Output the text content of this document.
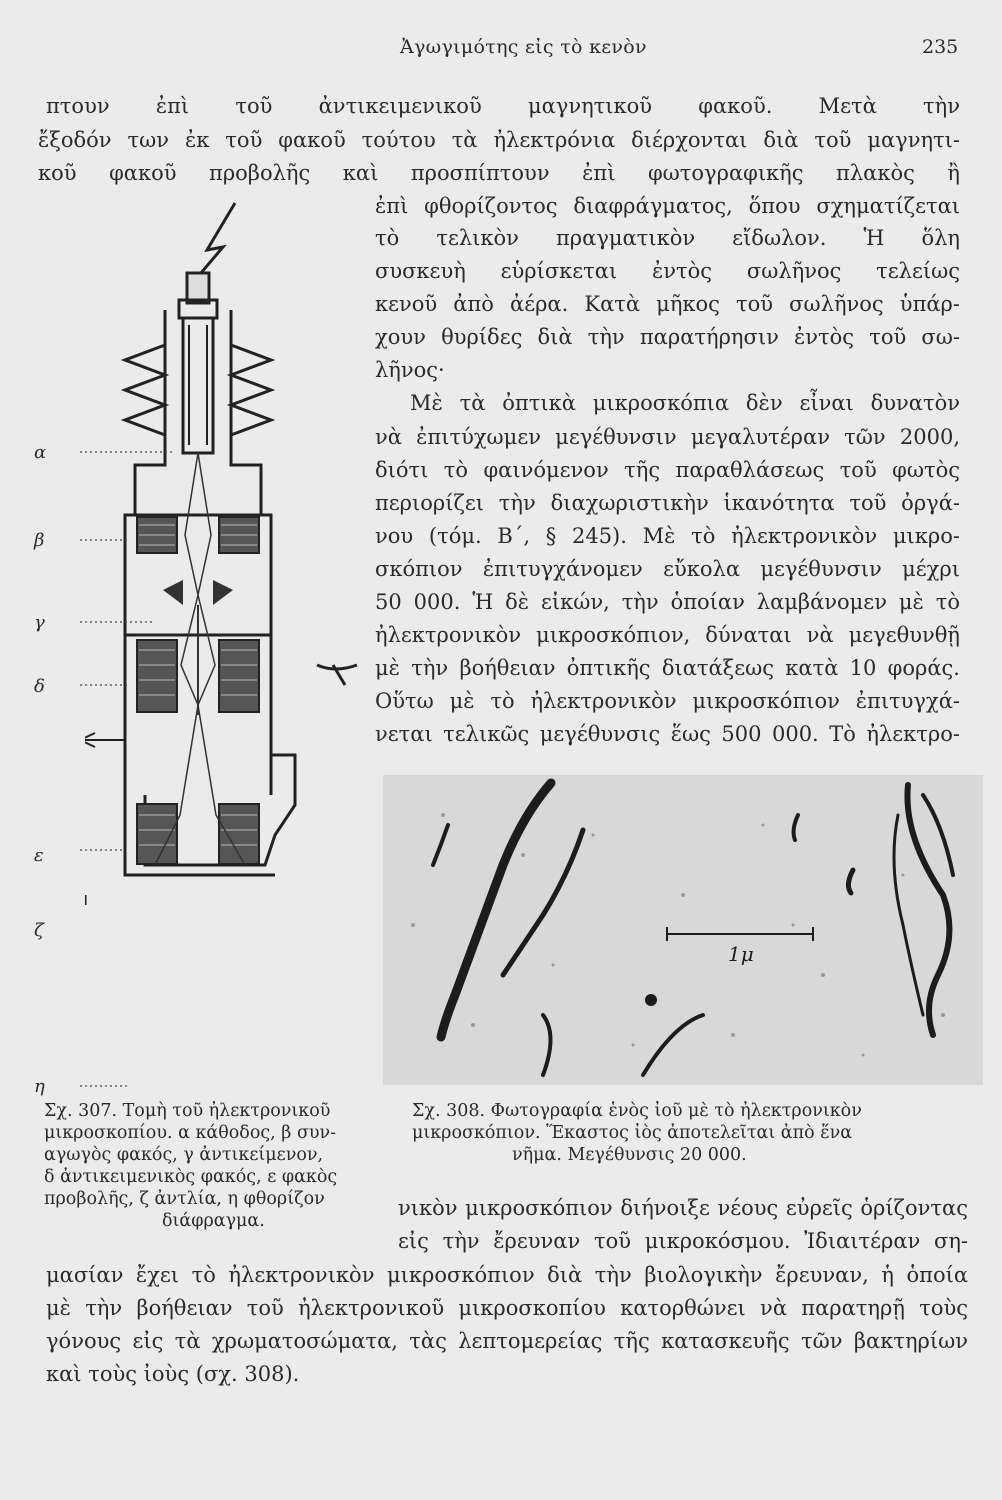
Ἀγωγιμότης εἰς τὸ κενὸν	235
πτουν ἐπὶ τοῦ ἀντικειμενικοῦ μαγνητικοῦ φακοῦ. Μετὰ τὴν
ἔξοδόν των ἐκ τοῦ φακοῦ τούτου τὰ ἠλεκτρόνια διέρχονται διὰ τοῦ μαγνητι-
κοῦ φακοῦ προβολῆς καὶ προσπίπτουν ἐπὶ φωτογραφικῆς πλακὸς ἢ
ἐπὶ φθορίζοντος διαφράγματος, ὅπου σχηματίζεται
τὸ τελικὸν πραγματικὸν εἴδωλον. Ἡ ὅλη
συσκευὴ εὑρίσκεται ἐντὸς σωλῆνος τελείως
κενοῦ ἀπὸ ἀέρα. Κατὰ μῆκος τοῦ σωλῆνος ὑπάρ-
χουν θυρίδες διὰ τὴν παρατήρησιν ἐντὸς τοῦ σω-
λῆνος·
Μὲ τὰ ὀπτικὰ μικροσκόπια δὲν εἶναι δυνατὸν
νὰ ἐπιτύχωμεν μεγέθυνσιν μεγαλυτέραν τῶν 2000,
διότι τὸ φαινόμενον τῆς παραθλάσεως τοῦ φωτὸς
περιορίζει τὴν διαχωριστικὴν ἱκανότητα τοῦ ὀργά-
νου (τόμ. Β΄, § 245). Μὲ τὸ ἠλεκτρονικὸν μικρο-
σκόπιον ἐπιτυγχάνομεν εὔκολα μεγέθυνσιν μέχρι
50 000. Ἡ δὲ εἰκών, τὴν ὁποίαν λαμβάνομεν μὲ τὸ
ἠλεκτρονικὸν μικροσκόπιον, δύναται νὰ μεγεθυνθῇ
μὲ τὴν βοήθειαν ὀπτικῆς διατάξεως κατὰ 10 φοράς.
Οὕτω μὲ τὸ ἠλεκτρονικὸν μικροσκόπιον ἐπιτυγχά-
νεται τελικῶς μεγέθυνσις ἕως 500 000. Τὸ ἠλεκτρο-
α
β
γ
δ
ε
ζ
η
Σχ. 307. Τομὴ τοῦ ἠλεκτρονικοῦ
μικροσκοπίου. α κάθοδος, β συν-
αγωγὸς φακός, γ ἀντικείμενον,
δ ἀντικειμενικὸς φακός, ε φακὸς
προβολῆς, ζ ἀντλία, η φθορίζον
διάφραγμα.
1μ
Σχ. 308. Φωτογραφία ἑνὸς ἰοῦ μὲ τὸ ἠλεκτρονικὸν
μικροσκόπιον. Ἕκαστος ἰὸς ἀποτελεῖται ἀπὸ ἕνα
νῆμα. Μεγέθυνσις 20 000.
νικὸν μικροσκόπιον διήνοιξε νέους εὐρεῖς ὁρίζοντας
εἰς τὴν ἔρευναν τοῦ μικροκόσμου. Ἰδιαιτέραν ση-
μασίαν ἔχει τὸ ἠλεκτρονικὸν μικροσκόπιον διὰ τὴν βιολογικὴν ἔρευναν, ἡ ὁποία
μὲ τὴν βοήθειαν τοῦ ἠλεκτρονικοῦ μικροσκοπίου κατορθώνει νὰ παρατηρῇ τοὺς
γόνους εἰς τὰ χρωματοσώματα, τὰς λεπτομερείας τῆς κατασκευῆς τῶν βακτηρίων
καὶ τοὺς ἰοὺς (σχ. 308).
